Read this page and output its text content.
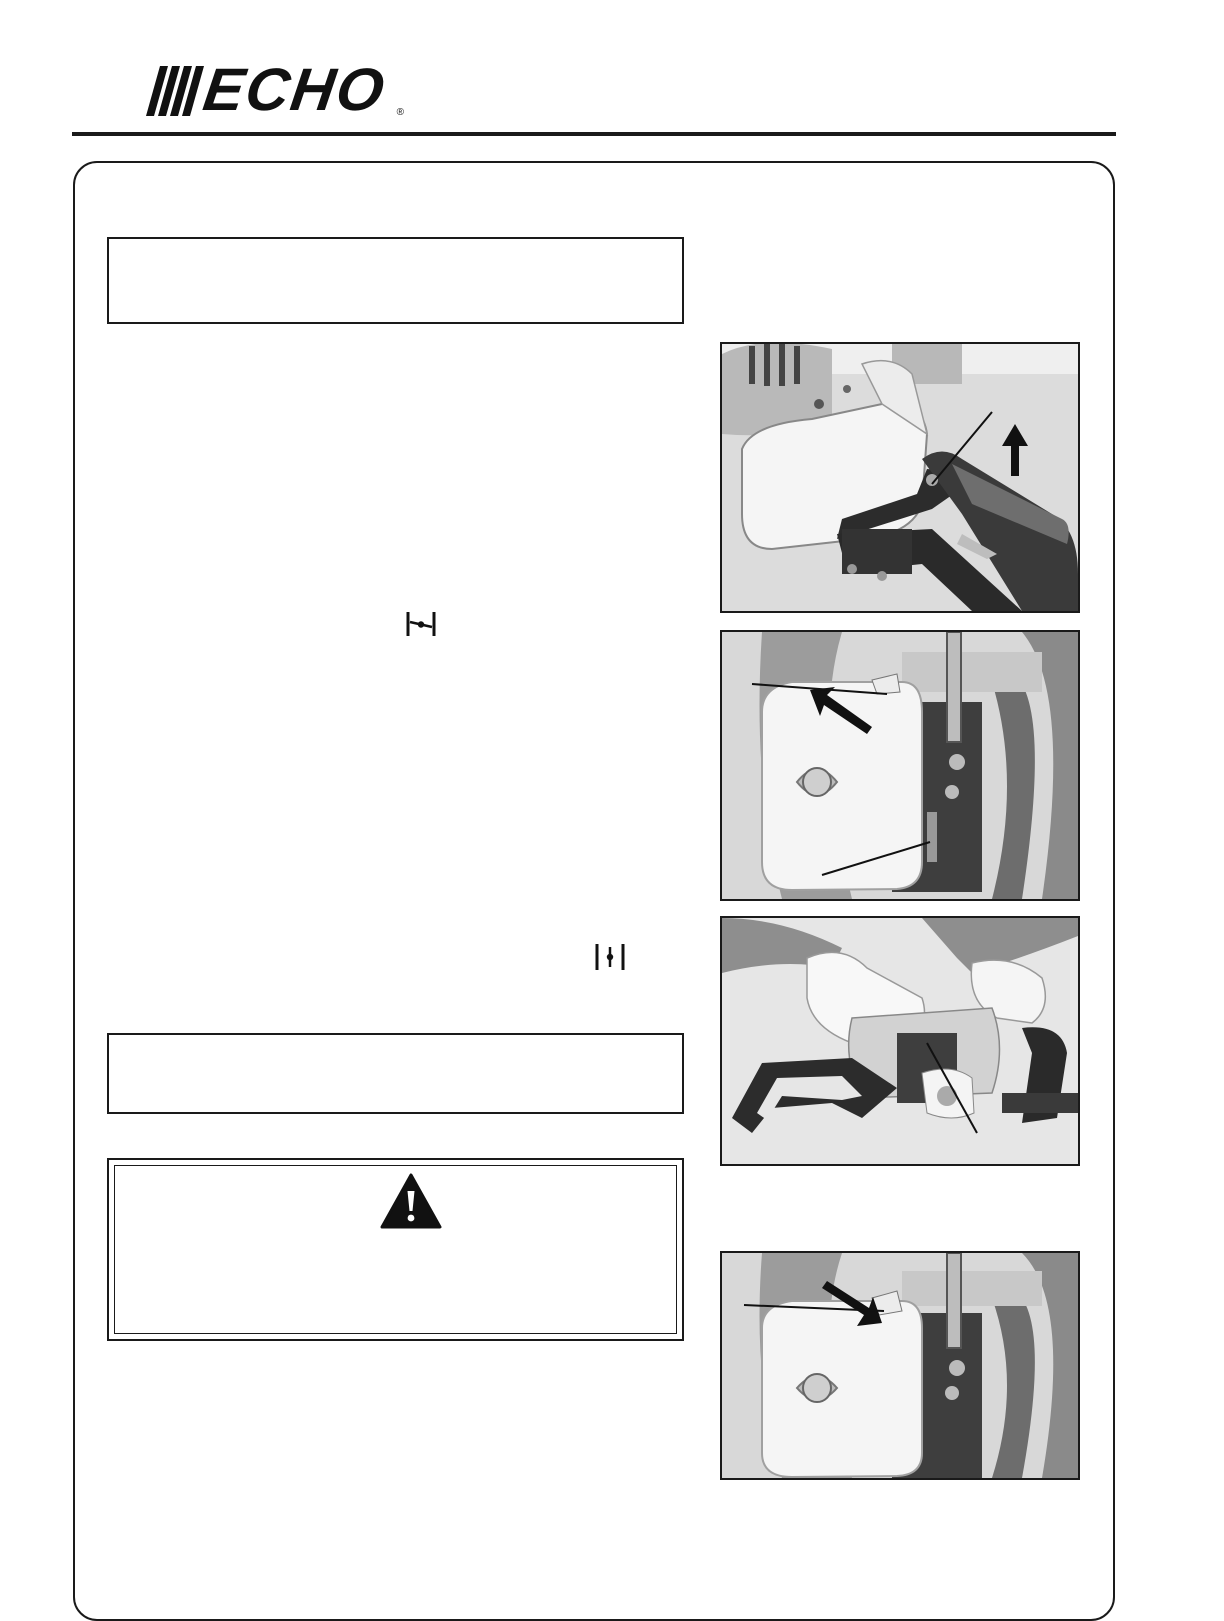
ECHO ®
